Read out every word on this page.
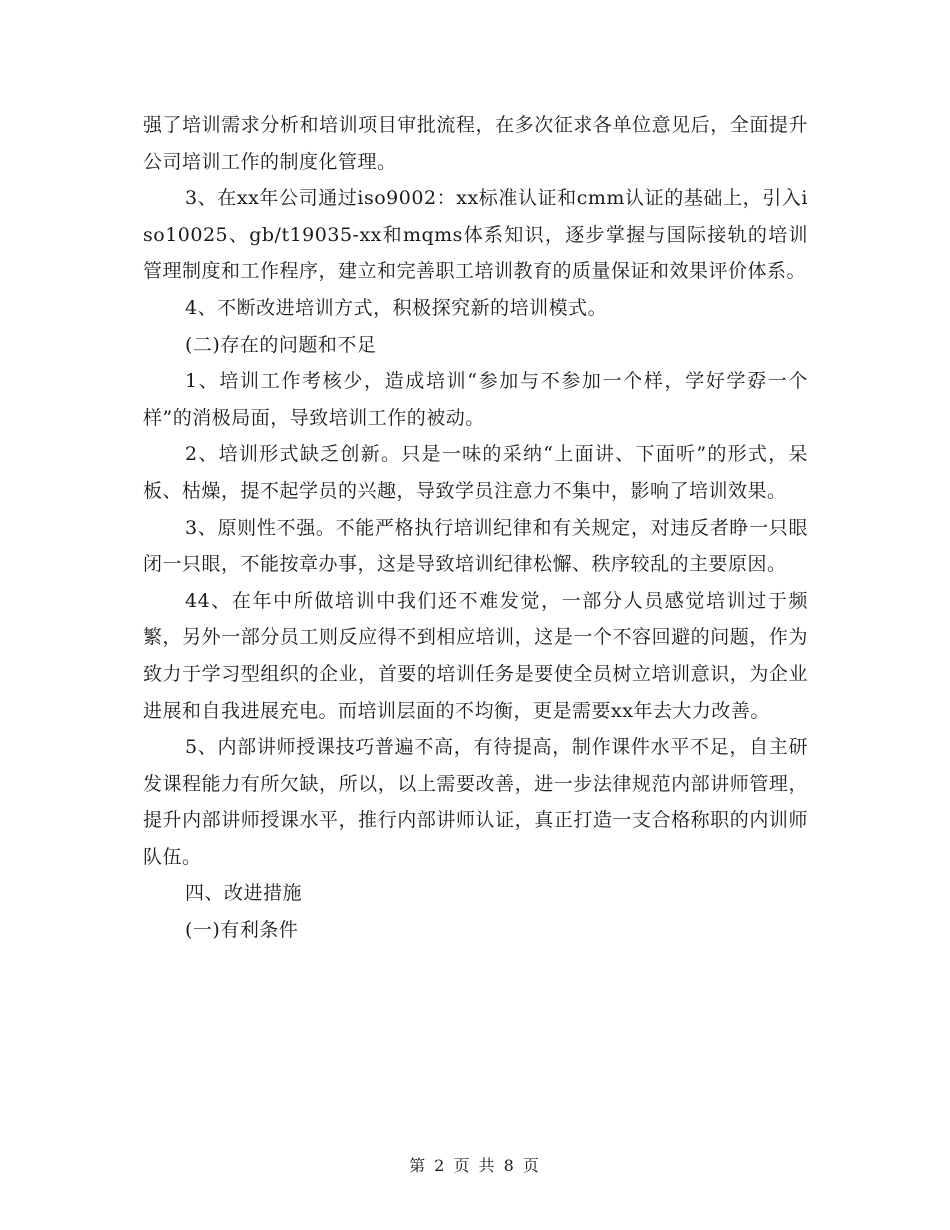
强了培训需求分析和培训项目审批流程，在多次征求各单位意见后，全面提升公司培训工作的制度化管理。

3、在xx年公司通过iso9002：xx标准认证和cmm认证的基础上，引入iso10025、gb/t19035-xx和mqms体系知识，逐步掌握与国际接轨的培训管理制度和工作程序，建立和完善职工培训教育的质量保证和效果评价体系。

4、不断改进培训方式，积极探究新的培训模式。

(二)存在的问题和不足

1、培训工作考核少，造成培训“参加与不参加一个样，学好学孬一个样”的消极局面，导致培训工作的被动。

2、培训形式缺乏创新。只是一味的采纳“上面讲、下面听”的形式，呆板、枯燥，提不起学员的兴趣，导致学员注意力不集中，影响了培训效果。

3、原则性不强。不能严格执行培训纪律和有关规定，对违反者睁一只眼闭一只眼，不能按章办事，这是导致培训纪律松懈、秩序较乱的主要原因。

44、在年中所做培训中我们还不难发觉，一部分人员感觉培训过于频繁，另外一部分员工则反应得不到相应培训，这是一个不容回避的问题，作为致力于学习型组织的企业，首要的培训任务是要使全员树立培训意识，为企业进展和自我进展充电。而培训层面的不均衡，更是需要xx年去大力改善。

5、内部讲师授课技巧普遍不高，有待提高，制作课件水平不足，自主研发课程能力有所欠缺，所以，以上需要改善，进一步法律规范内部讲师管理，提升内部讲师授课水平，推行内部讲师认证，真正打造一支合格称职的内训师队伍。

四、改进措施

(一)有利条件

第 2 页 共 8 页
